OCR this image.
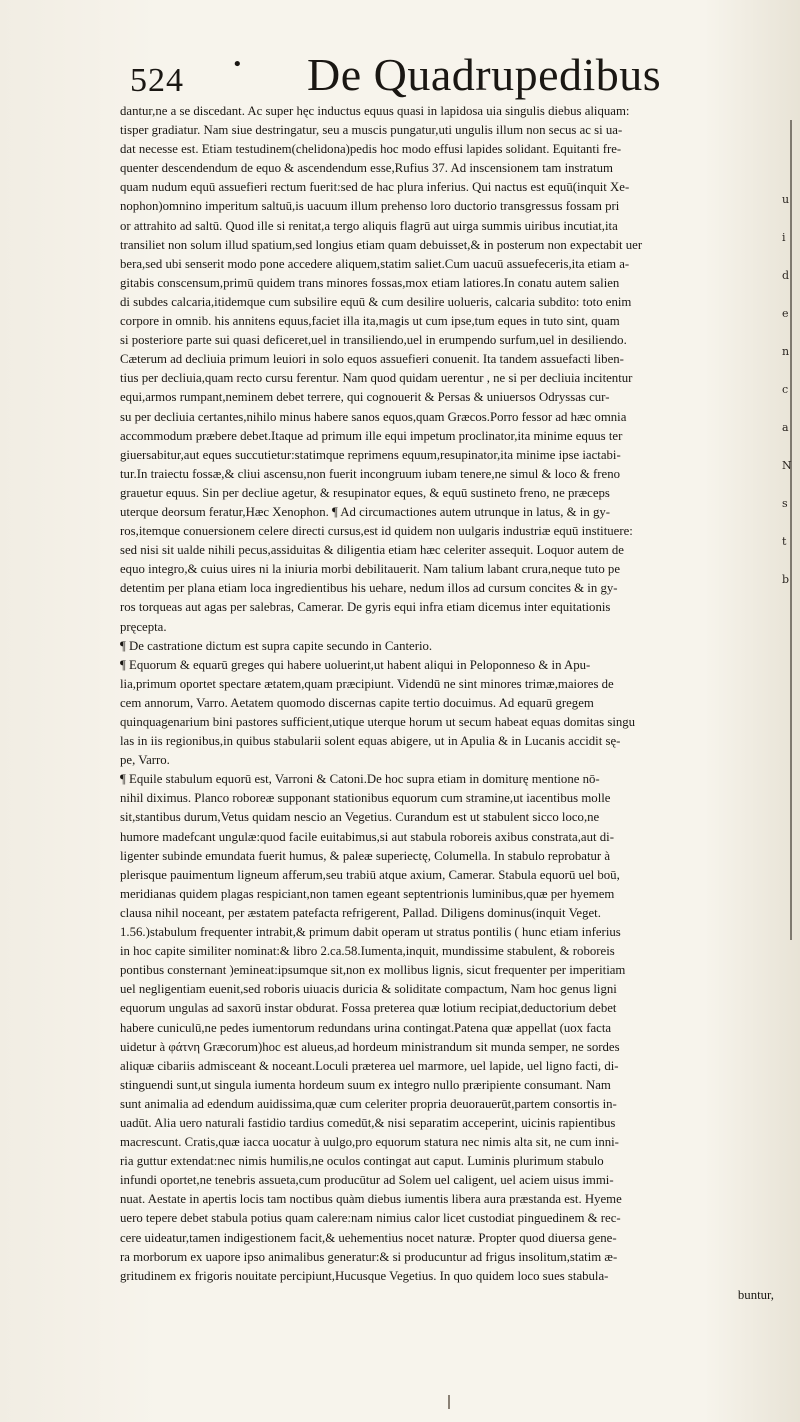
524	• De Quadrupedibus
dantur,ne a se discedant. Ac super hęc inductus equus quasi in lapidosa uia singulis diebus aliquam:
tisper gradiatur. Nam siue destringatur, seu a muscis pungatur,uti ungulis illum non secus ac si ua-
dat necesse est. Etiam testudinem(chelidona)pedis hoc modo effusi lapides solidant. Equitanti fre-
quenter descendendum de equo & ascendendum esse,Rufius 37. Ad inscensionem tam instratum
quam nudum equū assuefieri rectum fuerit:sed de hac plura inferius. Qui nactus est equū(inquit Xe-
nophon)omnino imperitum saltuū,is uacuum illum prehenso loro ductorio transgressus fossam pri
or attrahito ad saltū. Quod ille si renitat,a tergo aliquis flagrū aut uirga summis uiribus incutiat,ita
transiliet non solum illud spatium,sed longius etiam quam debuisset,& in posterum non expectabit uer
bera,sed ubi senserit modo pone accedere aliquem,statim saliet.Cum uacuū assuefeceris,ita etiam a-
gitabis conscensum,primū quidem trans minores fossas,mox etiam latiores.In conatu autem salien
di subdes calcaria,itidemque cum subsilire equū & cum desilire uolueris, calcaria subdito: toto enim
corpore in omnib. his annitens equus,faciet illa ita,magis ut cum ipse,tum eques in tuto sint, quam
si posteriore parte sui quasi deficeret,uel in transiliendo,uel in erumpendo surfum,uel in desiliendo.
Cæterum ad decliuia primum leuiori in solo equos assuefieri conuenit. Ita tandem assuefacti liben-
tius per decliuia,quam recto cursu ferentur. Nam quod quidam uerentur , ne si per decliuia incitentur
equi,armos rumpant,neminem debet terrere, qui cognouerit & Persas & uniuersos Odryssas cur-
su per decliuia certantes,nihilo minus habere sanos equos,quam Græcos.Porro fessor ad hæc omnia
accommodum præbere debet.Itaque ad primum ille equi impetum proclinator,ita minime equus ter
giuersabitur,aut eques succutietur:statimque reprimens equum,resupinator,ita minime ipse iactabi-
tur.In traiectu fossæ,& cliui ascensu,non fuerit incongruum iubam tenere,ne simul & loco & freno
grauetur equus. Sin per decliue agetur, & resupinator eques, & equū sustineto freno, ne præceps
uterque deorsum feratur,Hæc Xenophon. ¶ Ad circumactiones autem utrunque in latus, & in gy-
ros,itemque conuersionem celere directi cursus,est id quidem non uulgaris industriæ equū instituere:
sed nisi sit ualde nihili pecus,assiduitas & diligentia etiam hæc celeriter assequit. Loquor autem de
equo integro,& cuius uires ni la iniuria morbi debilitauerit. Nam talium labant crura,neque tuto pe
detentim per plana etiam loca ingredientibus his uehare, nedum illos ad cursum concites & in gy-
ros torqueas aut agas per salebras, Camerar. De gyris equi infra etiam dicemus inter equitationis
pręcepta.
¶ De castratione dictum est supra capite secundo in Canterio.
¶ Equorum & equarū greges qui habere uoluerint,ut habent aliqui in Peloponneso & in Apu-
lia,primum oportet spectare ætatem,quam præcipiunt. Videndū ne sint minores trimæ,maiores de
cem annorum, Varro. Aetatem quomodo discernas capite tertio docuimus. Ad equarū gregem
quinquagenarium bini pastores sufficient,utique uterque horum ut secum habeat equas domitas singu
las in iis regionibus,in quibus stabularii solent equas abigere, ut in Apulia & in Lucanis accidit sę-
pe, Varro.
¶ Equile stabulum equorū est, Varroni & Catoni.De hoc supra etiam in domiturę mentione nō-
nihil diximus. Planco roboreæ supponant stationibus equorum cum stramine,ut iacentibus molle
sit,stantibus durum,Vetus quidam nescio an Vegetius. Curandum est ut stabulent sicco loco,ne
humore madefcant ungulæ:quod facile euitabimus,si aut stabula roboreis axibus constrata,aut di-
ligenter subinde emundata fuerit humus, & paleæ superiectę, Columella. In stabulo reprobatur à
plerisque pauimentum ligneum afferum,seu trabiū atque axium, Camerar. Stabula equorū uel boū,
meridianas quidem plagas respiciant,non tamen egeant septentrionis luminibus,quæ per hyemem
clausa nihil noceant, per æstatem patefacta refrigerent, Pallad. Diligens dominus(inquit Veget.
1.56.)stabulum frequenter intrabit,& primum dabit operam ut stratus pontilis ( hunc etiam inferius
in hoc capite similiter nominat:& libro 2.ca.58.Iumenta,inquit, mundissime stabulent, & roboreis
pontibus consternant )emineat:ipsumque sit,non ex mollibus lignis, sicut frequenter per imperitiam
uel negligentiam euenit,sed roboris uiuacis duricia & soliditate compactum, Nam hoc genus ligni
equorum ungulas ad saxorū instar obdurat. Fossa preterea quæ lotium recipiat,deductorium debet
habere cuniculū,ne pedes iumentorum redundans urina contingat.Patena quæ appellat (uox facta
uidetur à φάτνη Græcorum)hoc est alueus,ad hordeum ministrandum sit munda semper, ne sordes
aliquæ cibariis admisceant & noceant.Loculi præterea uel marmore, uel lapide, uel ligno facti, di-
stinguendi sunt,ut singula iumenta hordeum suum ex integro nullo præripiente consumant. Nam
sunt animalia ad edendum auidissima,quæ cum celeriter propria deuorauerūt,partem consortis in-
uadūt. Alia uero naturali fastidio tardius comedūt,& nisi separatim acceperint, uicinis rapientibus
macrescunt. Cratis,quæ iacca uocatur à uulgo,pro equorum statura nec nimis alta sit, ne cum inni-
ria guttur extendat:nec nimis humilis,ne oculos contingat aut caput. Luminis plurimum stabulo
infundi oportet,ne tenebris assueta,cum producūtur ad Solem uel caligent, uel aciem uisus immi-
nuat. Aestate in apertis locis tam noctibus quàm diebus iumentis libera aura præstanda est. Hyeme
uero tepere debet stabula potius quam calere:nam nimius calor licet custodiat pinguedinem & rec-
cere uideatur,tamen indigestionem facit,& uehementius nocet naturæ. Propter quod diuersa gene-
ra morborum ex uapore ipso animalibus generatur:& si producuntur ad frigus insolitum,statim æ-
gritudinem ex frigoris nouitate percipiunt,Hucusque Vegetius. In quo quidem loco sues stabula-
buntur,
u
i
d
e
n
c
a
N
s
t
b
